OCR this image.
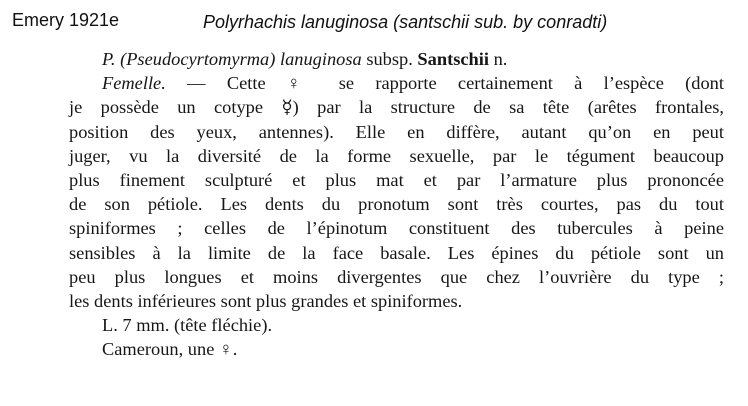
Emery 1921e	Polyrhachis lanuginosa (santschii sub. by conradti)
P. (Pseudocyrtomyrma) lanuginosa subsp. Santschii n.
Femelle. — Cette ♀ se rapporte certainement à l’espèce (dont
je possède un cotype ☿) par la structure de sa tête (arêtes frontales,
position des yeux, antennes). Elle en diffère, autant qu’on en peut
juger, vu la diversité de la forme sexuelle, par le tégument beaucoup
plus finement sculpturé et plus mat et par l’armature plus prononcée
de son pétiole. Les dents du pronotum sont très courtes, pas du tout
spiniformes ; celles de l’épinotum constituent des tubercules à peine
sensibles à la limite de la face basale. Les épines du pétiole sont un
peu plus longues et moins divergentes que chez l’ouvrière du type ;
les dents inférieures sont plus grandes et spiniformes.
L. 7 mm. (tête fléchie).
Cameroun, une ♀.
